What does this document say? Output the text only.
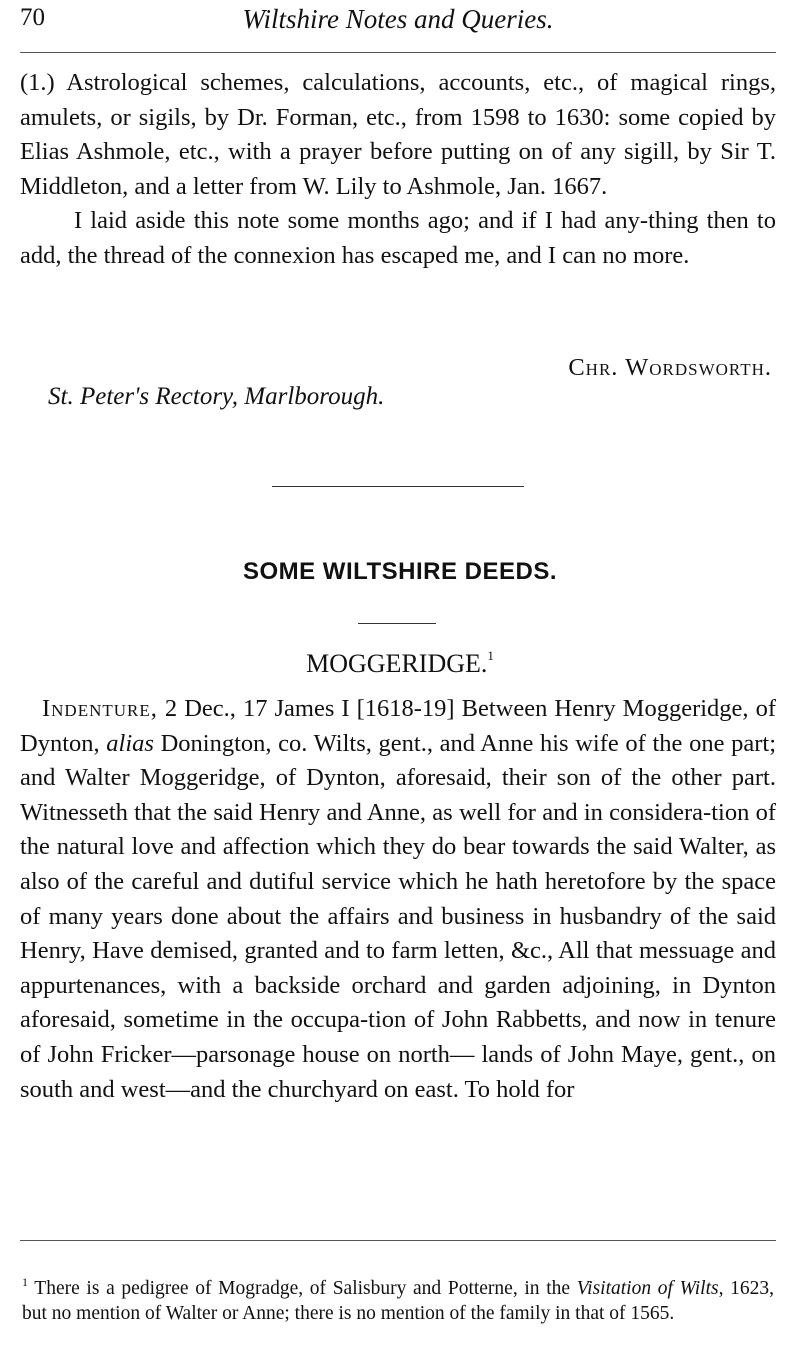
70	Wiltshire Notes and Queries.

(1.) Astrological schemes, calculations, accounts, etc., of magical rings, amulets, or sigils, by Dr. Forman, etc., from 1598 to 1630: some copied by Elias Ashmole, etc., with a prayer before putting on of any sigill, by Sir T. Middleton, and a letter from W. Lily to Ashmole, Jan. 1667.

I laid aside this note some months ago; and if I had any-thing then to add, the thread of the connexion has escaped me, and I can no more.

Chr. Wordsworth.
St. Peter's Rectory, Marlborough.
SOME WILTSHIRE DEEDS.
MOGGERIDGE.$^1$

Indenture, 2 Dec., 17 James I [1618-19] Between Henry Moggeridge, of Dynton, alias Donington, co. Wilts, gent., and Anne his wife of the one part; and Walter Moggeridge, of Dynton, aforesaid, their son of the other part. Witnesseth that the said Henry and Anne, as well for and in considera-tion of the natural love and affection which they do bear towards the said Walter, as also of the careful and dutiful service which he hath heretofore by the space of many years done about the affairs and business in husbandry of the said Henry, Have demised, granted and to farm letten, &c., All that messuage and appurtenances, with a backside orchard and garden adjoining, in Dynton aforesaid, sometime in the occupa-tion of John Rabbetts, and now in tenure of John Fricker—parsonage house on north— lands of John Maye, gent., on south and west—and the churchyard on east. To hold for

$^1$ There is a pedigree of Mogradge, of Salisbury and Potterne, in the Visitation of Wilts, 1623, but no mention of Walter or Anne; there is no mention of the family in that of 1565.
